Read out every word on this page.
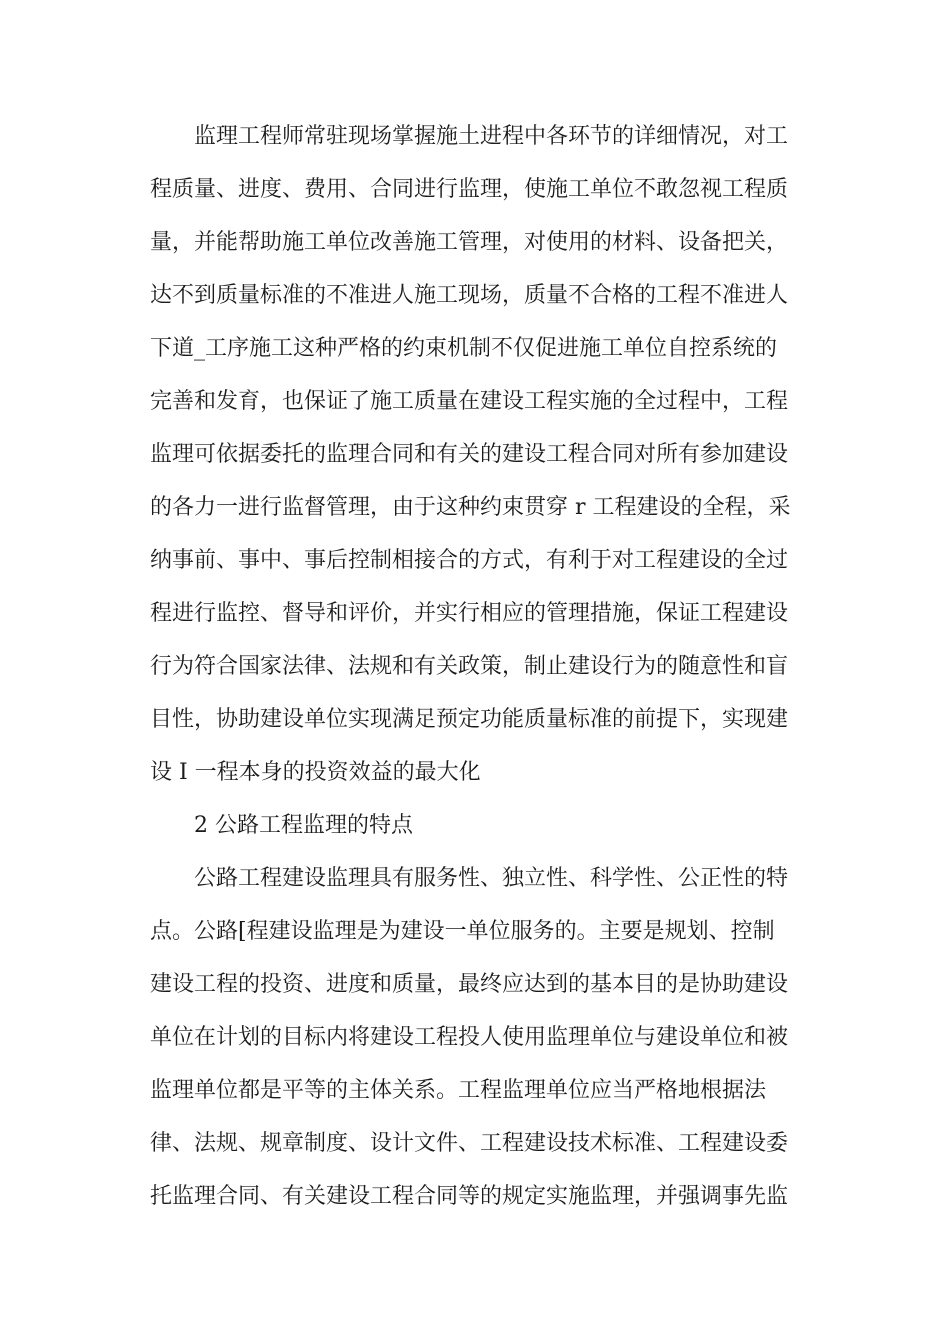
监理工程师常驻现场掌握施土进程中各环节的详细情况，对工
程质量、进度、费用、合同进行监理，使施工单位不敢忽视工程质
量，并能帮助施工单位改善施工管理，对使用的材料、设备把关，
达不到质量标准的不准进人施工现场，质量不合格的工程不准进人
下道_工序施工这种严格的约束机制不仅促进施工单位自控系统的
完善和发育，也保证了施工质量在建设工程实施的全过程中，工程
监理可依据委托的监理合同和有关的建设工程合同对所有参加建设
的各力一进行监督管理，由于这种约束贯穿 r 工程建设的全程，采
纳事前、事中、事后控制相接合的方式，有利于对工程建设的全过
程进行监控、督导和评价，并实行相应的管理措施，保证工程建设
行为符合国家法律、法规和有关政策，制止建设行为的随意性和盲
目性，协助建设单位实现满足预定功能质量标准的前提下，实现建
设 I 一程本身的投资效益的最大化
2 公路工程监理的特点
公路工程建设监理具有服务性、独立性、科学性、公正性的特
点。公路[程建设监理是为建设一单位服务的。主要是规划、控制
建设工程的投资、进度和质量，最终应达到的基本目的是协助建设
单位在计划的目标内将建设工程投人使用监理单位与建设单位和被
监理单位都是平等的主体关系。工程监理单位应当严格地根据法
律、法规、规章制度、设计文件、工程建设技术标准、工程建设委
托监理合同、有关建设工程合同等的规定实施监理，并强调事先监
